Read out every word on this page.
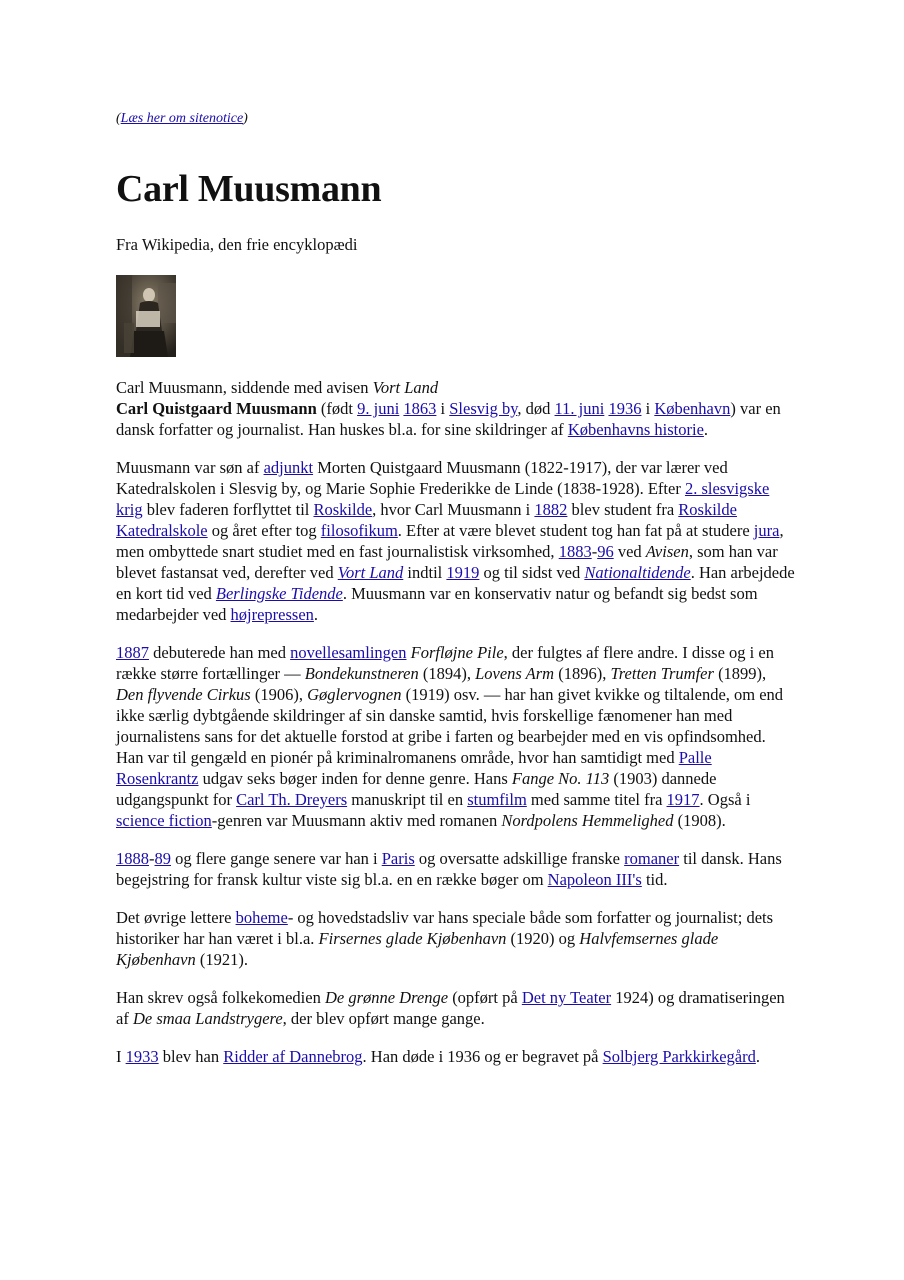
(Læs her om sitenotice)
Carl Muusmann
Fra Wikipedia, den frie encyklopædi

Carl Muusmann, siddende med avisen Vort Land

Carl Quistgaard Muusmann (født 9. juni 1863 i Slesvig by, død 11. juni 1936 i København) var en dansk forfatter og journalist. Han huskes bl.a. for sine skildringer af Københavns historie.

Muusmann var søn af adjunkt Morten Quistgaard Muusmann (1822-1917), der var lærer ved Katedralskolen i Slesvig by, og Marie Sophie Frederikke de Linde (1838-1928). Efter 2. slesvigske krig blev faderen forflyttet til Roskilde, hvor Carl Muusmann i 1882 blev student fra Roskilde Katedralskole og året efter tog filosofikum. Efter at være blevet student tog han fat på at studere jura, men ombyttede snart studiet med en fast journalistisk virksomhed, 1883-96 ved Avisen, som han var blevet fastansat ved, derefter ved Vort Land indtil 1919 og til sidst ved Nationaltidende. Han arbejdede en kort tid ved Berlingske Tidende. Muusmann var en konservativ natur og befandt sig bedst som medarbejder ved højrepressen.

1887 debuterede han med novellesamlingen Forfløjne Pile, der fulgtes af flere andre. I disse og i en række større fortællinger — Bondekunstneren (1894), Lovens Arm (1896), Tretten Trumfer (1899), Den flyvende Cirkus (1906), Gøglervognen (1919) osv. — har han givet kvikke og tiltalende, om end ikke særlig dybtgående skildringer af sin danske samtid, hvis forskellige fænomener han med journalistens sans for det aktuelle forstod at gribe i farten og bearbejder med en vis opfindsomhed. Han var til gengæld en pionér på kriminalromanens område, hvor han samtidigt med Palle Rosenkrantz udgav seks bøger inden for denne genre. Hans Fange No. 113 (1903) dannede udgangspunkt for Carl Th. Dreyers manuskript til en stumfilm med samme titel fra 1917. Også i science fiction-genren var Muusmann aktiv med romanen Nordpolens Hemmelighed (1908).

1888-89 og flere gange senere var han i Paris og oversatte adskillige franske romaner til dansk. Hans begejstring for fransk kultur viste sig bl.a. en en række bøger om Napoleon III's tid.

Det øvrige lettere boheme- og hovedstadsliv var hans speciale både som forfatter og journalist; dets historiker har han været i bl.a. Firsernes glade Kjøbenhavn (1920) og Halvfemsernes glade Kjøbenhavn (1921).

Han skrev også folkekomedien De grønne Drenge (opført på Det ny Teater 1924) og dramatiseringen af De smaa Landstrygere, der blev opført mange gange.

I 1933 blev han Ridder af Dannebrog. Han døde i 1936 og er begravet på Solbjerg Parkkirkegård.
